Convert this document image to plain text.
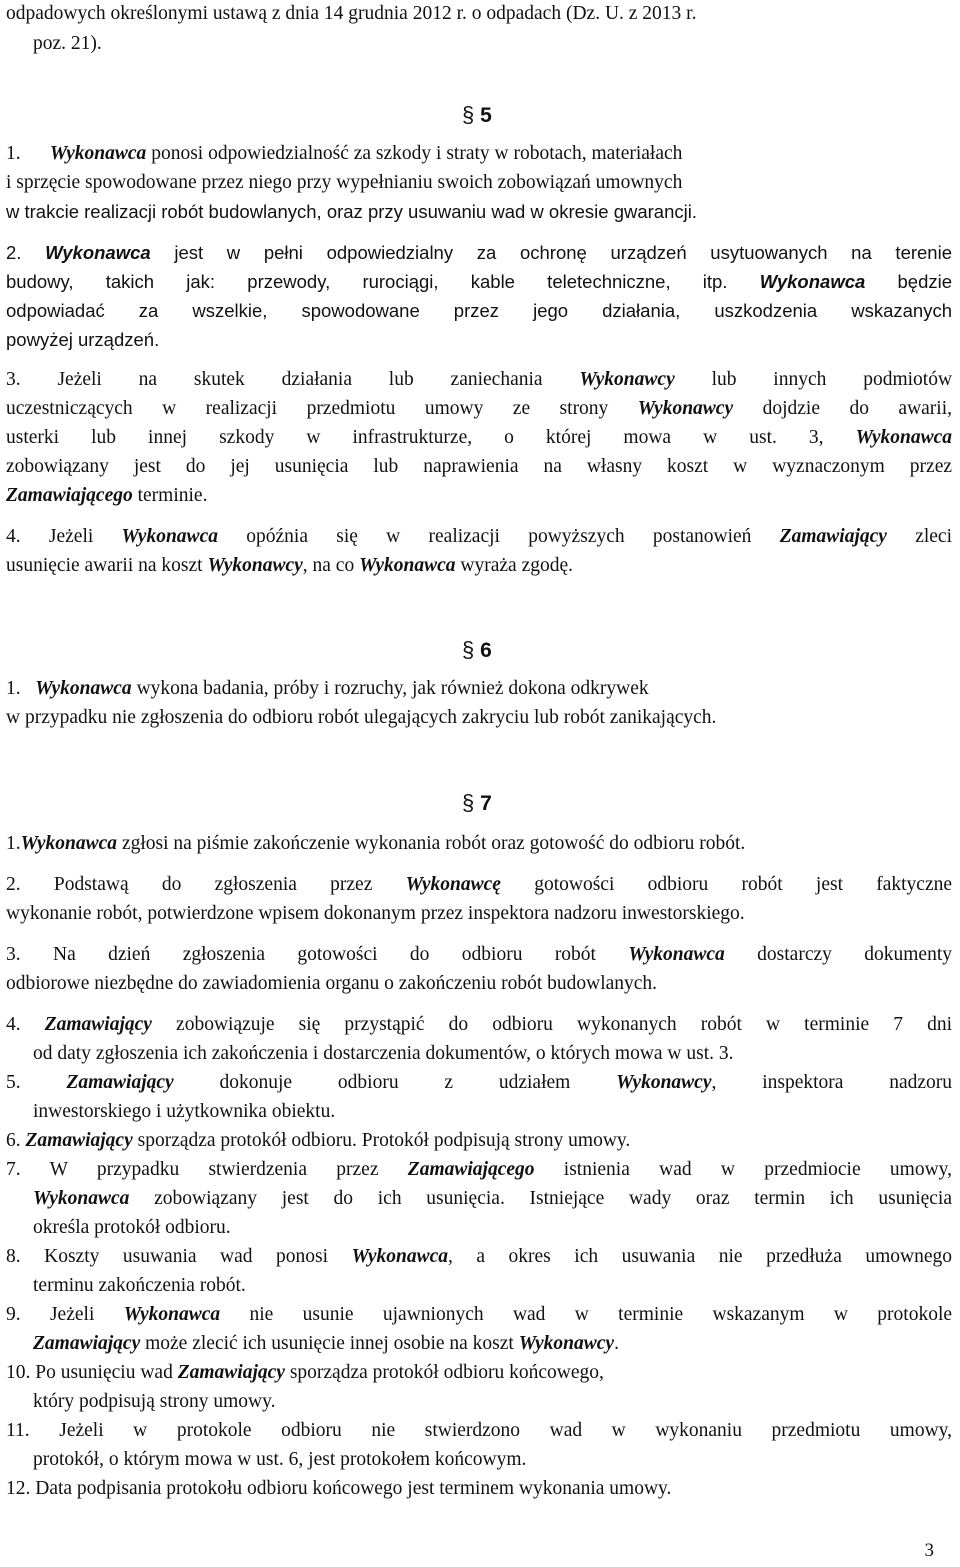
odpadowych określonymi ustawą z dnia 14 grudnia 2012 r. o odpadach (Dz. U. z 2013 r.
poz. 21).
§ 5
1. Wykonawca ponosi odpowiedzialność za szkody i straty w robotach, materiałach
i sprzęcie spowodowane przez niego przy wypełnianiu swoich zobowiązań umownych
w trakcie realizacji robót budowlanych, oraz przy usuwaniu wad w okresie gwarancji.
2. Wykonawca jest w pełni odpowiedzialny za ochronę urządzeń usytuowanych na terenie
budowy, takich jak: przewody, rurociągi, kable teletechniczne, itp. Wykonawca będzie
odpowiadać za wszelkie, spowodowane przez jego działania, uszkodzenia wskazanych
powyżej urządzeń.
3. Jeżeli na skutek działania lub zaniechania Wykonawcy lub innych podmiotów
uczestniczących w realizacji przedmiotu umowy ze strony Wykonawcy dojdzie do awarii,
usterki lub innej szkody w infrastrukturze, o której mowa w ust. 3, Wykonawca
zobowiązany jest do jej usunięcia lub naprawienia na własny koszt w wyznaczonym przez
Zamawiającego terminie.
4. Jeżeli Wykonawca opóźnia się w realizacji powyższych postanowień Zamawiający zleci
usunięcie awarii na koszt Wykonawcy, na co Wykonawca wyraża zgodę.
§ 6
1. Wykonawca wykona badania, próby i rozruchy, jak również dokona odkrywek
w przypadku nie zgłoszenia do odbioru robót ulegających zakryciu lub robót zanikających.
§ 7
1.Wykonawca zgłosi na piśmie zakończenie wykonania robót oraz gotowość do odbioru robót.
2. Podstawą do zgłoszenia przez Wykonawcę gotowości odbioru robót jest faktyczne
wykonanie robót, potwierdzone wpisem dokonanym przez inspektora nadzoru inwestorskiego.
3. Na dzień zgłoszenia gotowości do odbioru robót Wykonawca dostarczy dokumenty
odbiorowe niezbędne do zawiadomienia organu o zakończeniu robót budowlanych.
4. Zamawiający zobowiązuje się przystąpić do odbioru wykonanych robót w terminie 7 dni
od daty zgłoszenia ich zakończenia i dostarczenia dokumentów, o których mowa w ust. 3.
5. Zamawiający dokonuje odbioru z udziałem Wykonawcy, inspektora nadzoru
inwestorskiego i użytkownika obiektu.
6. Zamawiający sporządza protokół odbioru. Protokół podpisują strony umowy.
7. W przypadku stwierdzenia przez Zamawiającego istnienia wad w przedmiocie umowy,
Wykonawca zobowiązany jest do ich usunięcia. Istniejące wady oraz termin ich usunięcia
określa protokół odbioru.
8. Koszty usuwania wad ponosi Wykonawca, a okres ich usuwania nie przedłuża umownego
terminu zakończenia robót.
9. Jeżeli Wykonawca nie usunie ujawnionych wad w terminie wskazanym w protokole
Zamawiający może zlecić ich usunięcie innej osobie na koszt Wykonawcy.
10. Po usunięciu wad Zamawiający sporządza protokół odbioru końcowego,
który podpisują strony umowy.
11. Jeżeli w protokole odbioru nie stwierdzono wad w wykonaniu przedmiotu umowy,
protokół, o którym mowa w ust. 6, jest protokołem końcowym.
12. Data podpisania protokołu odbioru końcowego jest terminem wykonania umowy.
3
